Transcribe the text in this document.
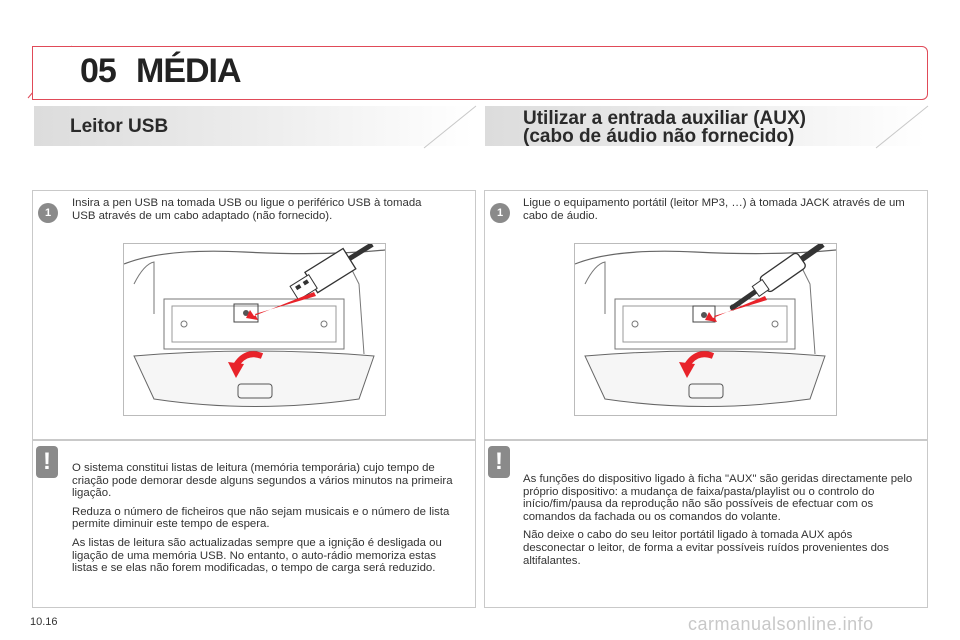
05 MÉDIA
Leitor USB	Utilizar a entrada auxiliar (AUX)
(cabo de áudio não fornecido)
1
Insira a pen USB na tomada USB ou ligue o periférico USB à tomada USB através de um cabo adaptado (não fornecido).
!	O sistema constitui listas de leitura (memória temporária) cujo tempo de criação pode demorar desde alguns segundos a vários minutos na primeira ligação.

Reduza o número de ficheiros que não sejam musicais e o número de lista permite diminuir este tempo de espera.

As listas de leitura são actualizadas sempre que a ignição é desligada ou ligação de uma memória USB. No entanto, o auto-rádio memoriza estas listas e se elas não forem modificadas, o tempo de carga será reduzido.

1
Ligue o equipamento portátil (leitor MP3, …) à tomada JACK através de um cabo de áudio.
!

As funções do dispositivo ligado à ficha "AUX" são geridas directamente pelo próprio dispositivo: a mudança de faixa/pasta/playlist ou o controlo do início/fim/pausa da reprodução não são possíveis de efectuar com os comandos da fachada ou os comandos do volante.

Não deixe o cabo do seu leitor portátil ligado à tomada AUX após desconectar o leitor, de forma a evitar possíveis ruídos provenientes dos altifalantes.

10.16	carmanualsonline.info
